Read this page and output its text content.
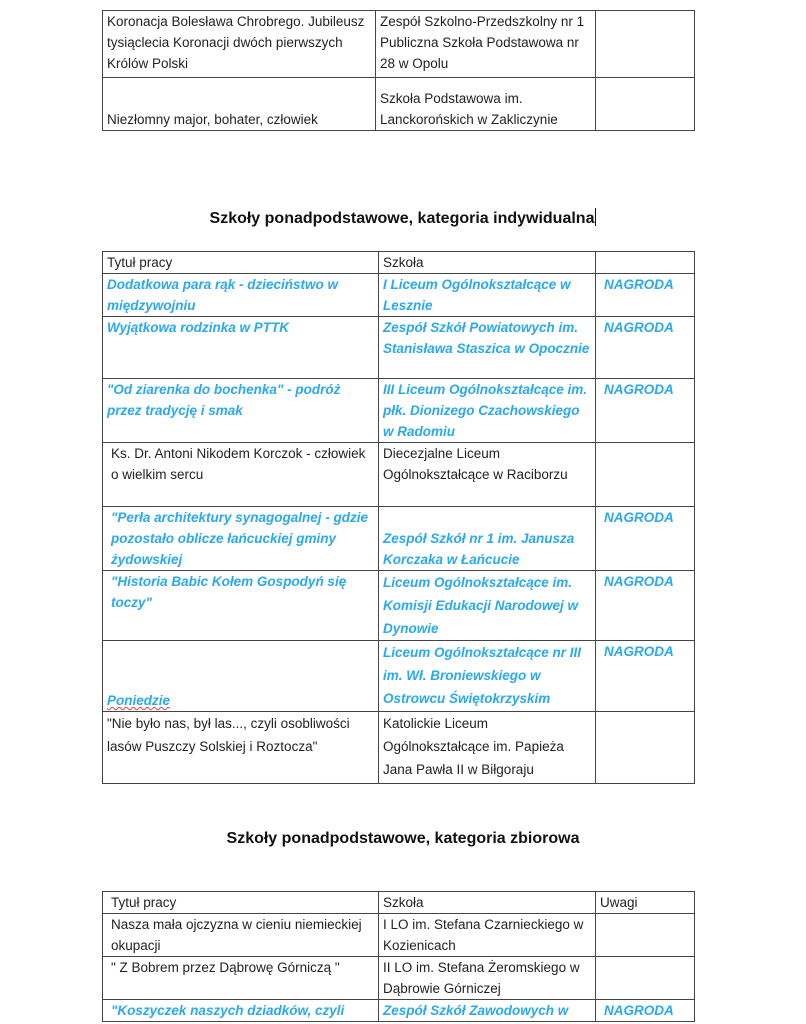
Koronacja Bolesława Chrobrego. Jubileusz tysiąclecia Koronacji dwóch pierwszych Królów Polski	Zespół Szkolno-Przedszkolny nr 1 Publiczna Szkoła Podstawowa nr 28 w Opolu	
Niezłomny major, bohater, człowiek	Szkoła Podstawowa im. Lanckorońskich w Zakliczynie	
Szkoły ponadpodstawowe, kategoria indywidualna
Tytuł pracy	Szkoła	
Dodatkowa para rąk - dzieciństwo w międzywojniu	I Liceum Ogólnokształcące w Lesznie	NAGRODA
Wyjątkowa rodzinka w PTTK	Zespół Szkół Powiatowych im. Stanisława Staszica w Opocznie	NAGRODA
"Od ziarenka do bochenka" - podróż przez tradycję i smak	III Liceum Ogólnokształcące im. płk. Dionizego Czachowskiego w Radomiu	NAGRODA
Ks. Dr. Antoni Nikodem Korczok - człowiek o wielkim sercu	Diecezjalne Liceum Ogólnokształcące w Raciborzu	
"Perła architektury synagogalnej - gdzie pozostało oblicze łańcuckiej gminy żydowskiej	Zespół Szkół nr 1 im. Janusza Korczaka w Łańcucie	NAGRODA
"Historia Babic Kołem Gospodyń się toczy"	Liceum Ogólnokształcące im. Komisji Edukacji Narodowej w Dynowie	NAGRODA
Poniedzie	Liceum Ogólnokształcące nr III im. Wł. Broniewskiego w Ostrowcu Świętokrzyskim	NAGRODA
"Nie było nas, był las..., czyli osobliwości lasów Puszczy Solskiej i Roztocza"	Katolickie Liceum Ogólnokształcące im. Papieża Jana Pawła II w Biłgoraju	
Szkoły ponadpodstawowe, kategoria zbiorowa
Tytuł pracy	Szkoła	Uwagi
Nasza mała ojczyzna w cieniu niemieckiej okupacji	I LO im. Stefana Czarnieckiego w Kozienicach	
" Z Bobrem przez Dąbrowę Górniczą "	II LO im. Stefana Żeromskiego w Dąbrowie Górniczej	
"Koszyczek naszych dziadków, czyli	Zespół Szkół Zawodowych w	NAGRODA
